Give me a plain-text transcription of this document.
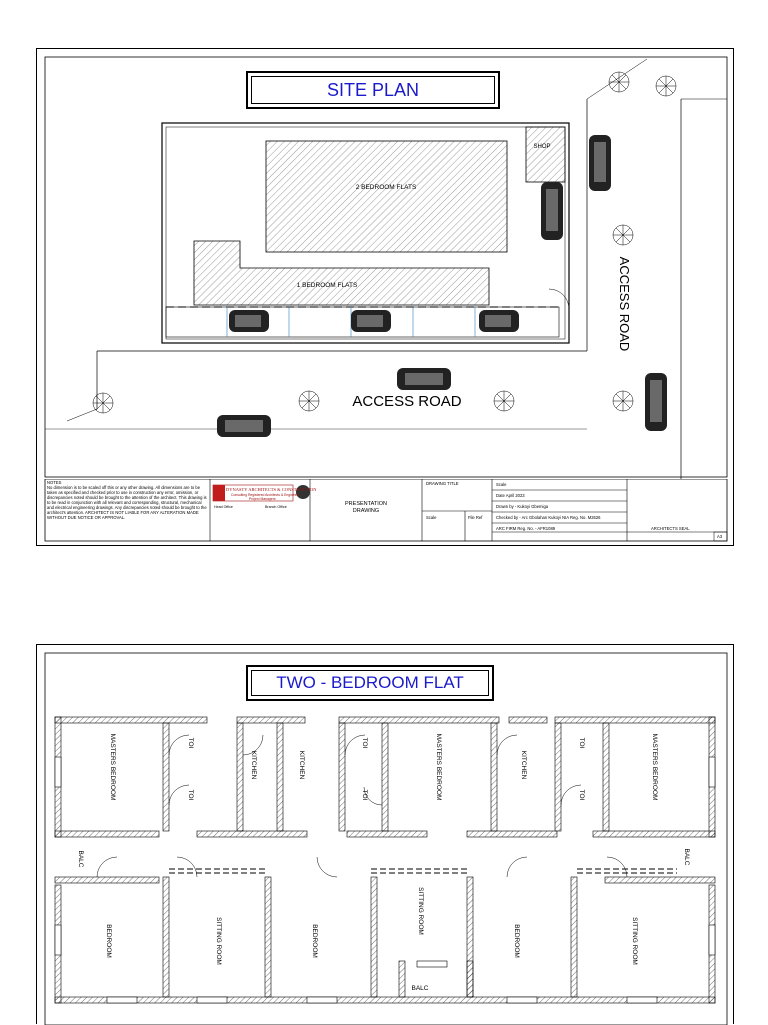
SITE PLAN
2 BEDROOM FLATS
1 BEDROOM FLATS
SHOP
ACCESS ROAD
ACCESS ROAD
NOTES
No dimension is to be scaled off this or any other drawing. All dimensions are to be taken as specified and checked prior to use in construction any error, omission, or discrepancies noted should be brought to the attention of the architect. This drawing is to be read in conjunction with all relevant and corresponding, structural, mechanical and electrical engineering drawings. Any discrepancies noted should be brought to the architect's attention. ARCHITECT IS NOT LIABLE FOR ANY ALTERATION MADE WITHOUT DUE NOTICE OR APPROVAL.
DYNASTY ARCHITECTS & CONSTRUCTION
Consulting Registered Architects & Engineers
Project Managers
Head Office	Branch Office	PRESENTATION
DRAWING
DRAWING TITLE
Scale	File Ref
Scale
Date April 2023
Drawn by - Kukoyi Gbemiga
Checked by - Arc Gbolahan Kukoyi NIA Reg. No. M2626
ARC FIRM Reg. No. - AFR1089	ARCHITECTS SEAL
A3
TWO - BEDROOM FLAT
MASTERS BEDROOM	MASTERS BEDROOM	MASTERS BEDROOM
TOI
TOI
TOI
TOI
TOI
TOI
KITCHEN	KITCHEN	KITCHEN
BALC	BALC
BALC
BEDROOM	BEDROOM	BEDROOM
SITTING ROOM
SITTING ROOM
SITTING ROOM
